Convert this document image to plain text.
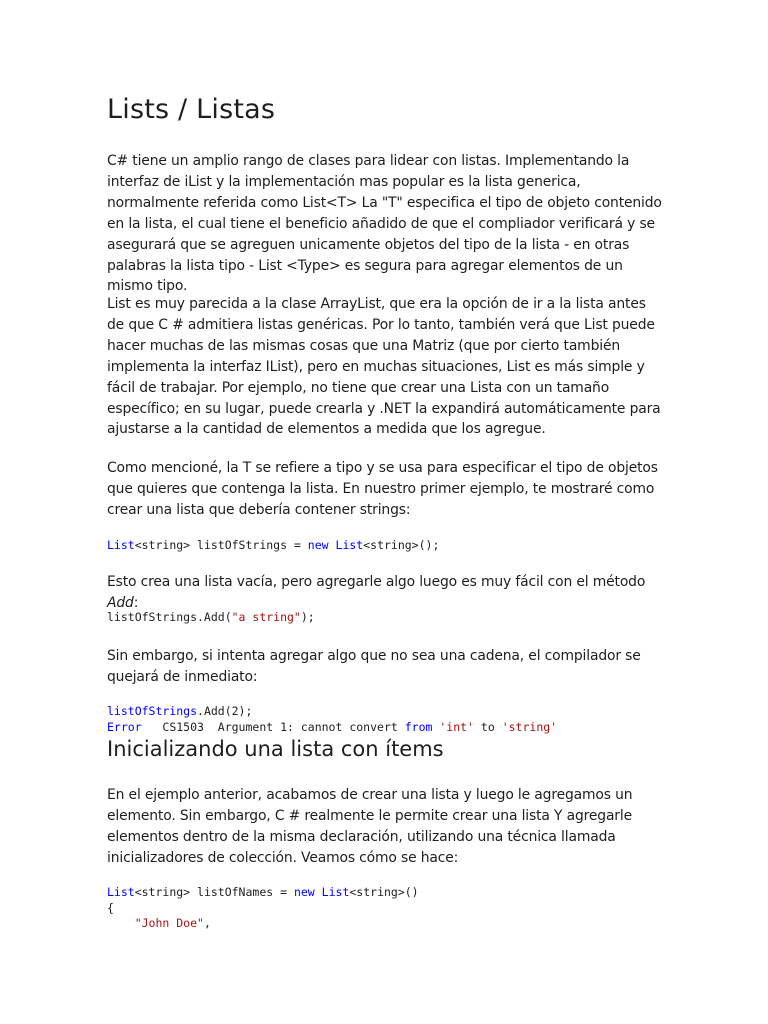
Lists / Listas

C# tiene un amplio rango de clases para lidear con listas. Implementando la interfaz de iList y la implementación mas popular es la lista generica, normalmente referida como List<T> La "T" especifica el tipo de objeto contenido en la lista, el cual tiene el beneficio añadido de que el compliador verificará y se asegurará que se agreguen unicamente objetos del tipo de la lista - en otras palabras la lista tipo - List <Type> es segura para agregar elementos de un mismo tipo.

List es muy parecida a la clase ArrayList, que era la opción de ir a la lista antes de que C # admitiera listas genéricas. Por lo tanto, también verá que List puede hacer muchas de las mismas cosas que una Matriz (que por cierto también implementa la interfaz IList), pero en muchas situaciones, List es más simple y fácil de trabajar. Por ejemplo, no tiene que crear una Lista con un tamaño específico; en su lugar, puede crearla y .NET la expandirá automáticamente para ajustarse a la cantidad de elementos a medida que los agregue.

Como mencioné, la T se refiere a tipo y se usa para especificar el tipo de objetos que quieres que contenga la lista. En nuestro primer ejemplo, te mostraré como crear una lista que debería contener strings:

List<string> listOfStrings = new List<string>();

Esto crea una lista vacía, pero agregarle algo luego es muy fácil con el método Add:

listOfStrings.Add("a string");

Sin embargo, si intenta agregar algo que no sea una cadena, el compilador se quejará de inmediato:

listOfStrings.Add(2);
Error   CS1503  Argument 1: cannot convert from 'int' to 'string'
Inicializando una lista con ítems

En el ejemplo anterior, acabamos de crear una lista y luego le agregamos un elemento. Sin embargo, C # realmente le permite crear una lista Y agregarle elementos dentro de la misma declaración, utilizando una técnica llamada inicializadores de colección. Veamos cómo se hace:

List<string> listOfNames = new List<string>()
{
"John Doe",
